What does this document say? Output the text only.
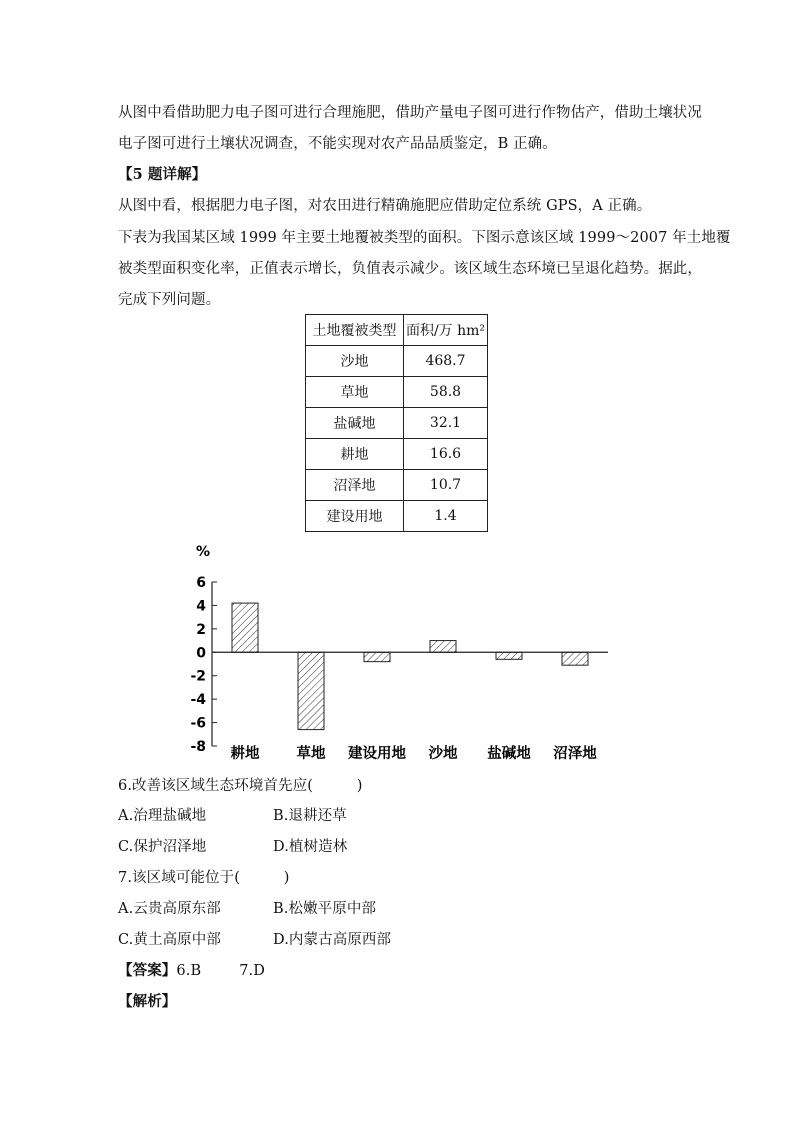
从图中看借助肥力电子图可进行合理施肥，借助产量电子图可进行作物估产，借助土壤状况
电子图可进行土壤状况调查，不能实现对农产品品质鉴定，B 正确。
【5 题详解】
从图中看，根据肥力电子图，对农田进行精确施肥应借助定位系统 GPS，A 正确。
下表为我国某区域 1999 年主要土地覆被类型的面积。下图示意该区域 1999～2007 年土地覆
被类型面积变化率，正值表示增长，负值表示减少。该区域生态环境已呈退化趋势。据此，
完成下列问题。
土地覆被类型	面积/万 hm²
沙地	468.7
草地	58.8
盐碱地	32.1
耕地	16.6
沼泽地	10.7
建设用地	1.4
%
-8
-6
-4
-2
0
2
4
6
耕地	草地 建设用地 沙地 盐碱地 沼泽地
6.改善该区域生态环境首先应(　　　)
A.治理盐碱地	B.退耕还草
C.保护沼泽地	D.植树造林
7.该区域可能位于(　　　)
A.云贵高原东部	B.松嫩平原中部
C.黄土高原中部	D.内蒙古高原西部
【答案】6.B	7.D
【解析】
